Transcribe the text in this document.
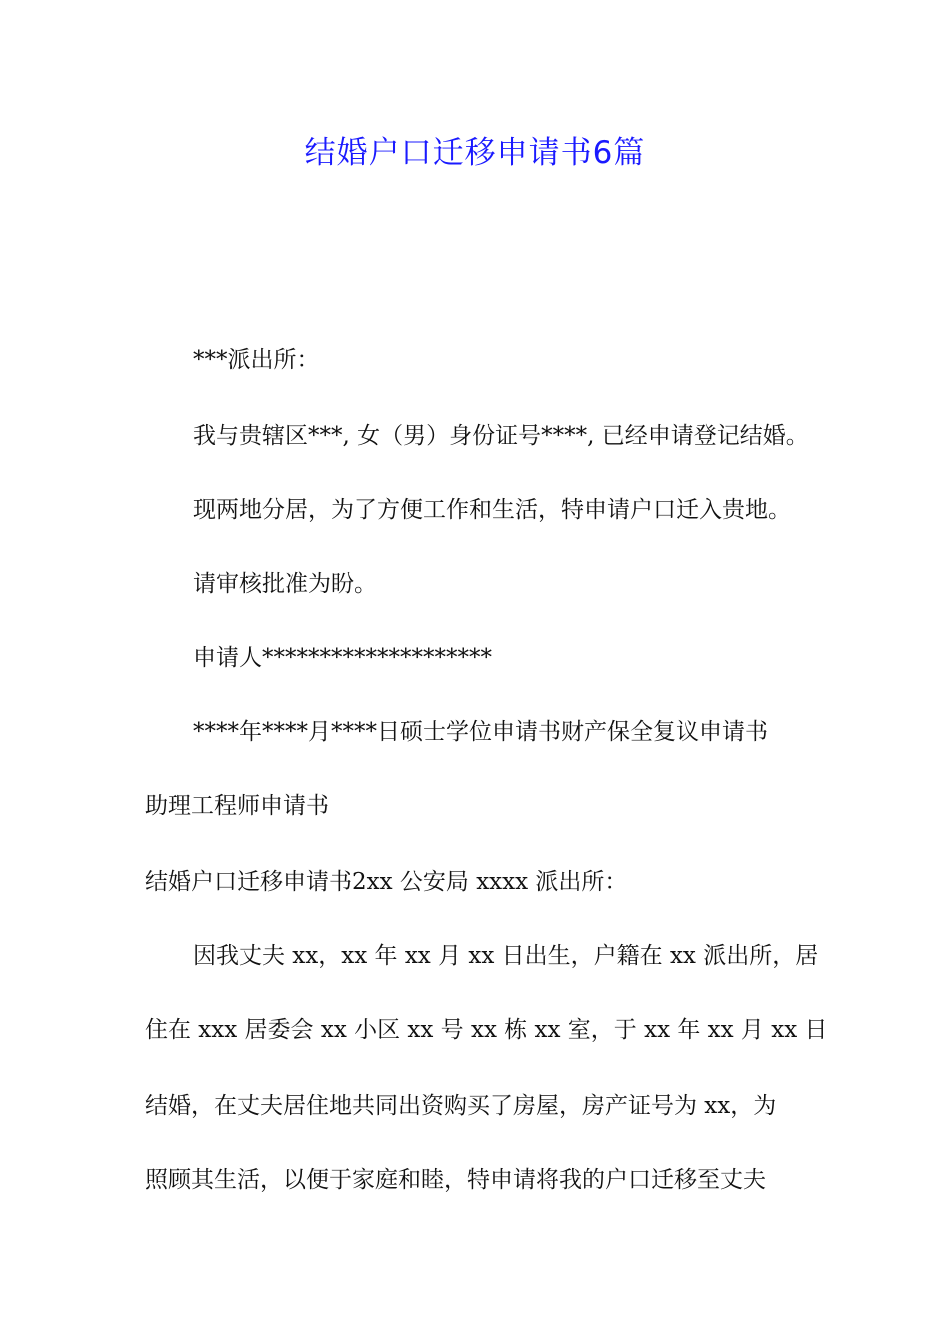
结婚户口迁移申请书6篇

***派出所：

我与贵辖区***, 女（男）身份证号****, 已经申请登记结婚。

现两地分居，为了方便工作和生活，特申请户口迁入贵地。

请审核批准为盼。

申请人********************

****年****月****日硕士学位申请书财产保全复议申请书

助理工程师申请书

结婚户口迁移申请书2xx 公安局 xxxx 派出所：

因我丈夫 xx，xx 年 xx 月 xx 日出生，户籍在 xx 派出所，居

住在 xxx 居委会 xx 小区 xx 号 xx 栋 xx 室，于 xx 年 xx 月 xx 日

结婚，在丈夫居住地共同出资购买了房屋，房产证号为 xx，为

照顾其生活，以便于家庭和睦，特申请将我的户口迁移至丈夫
